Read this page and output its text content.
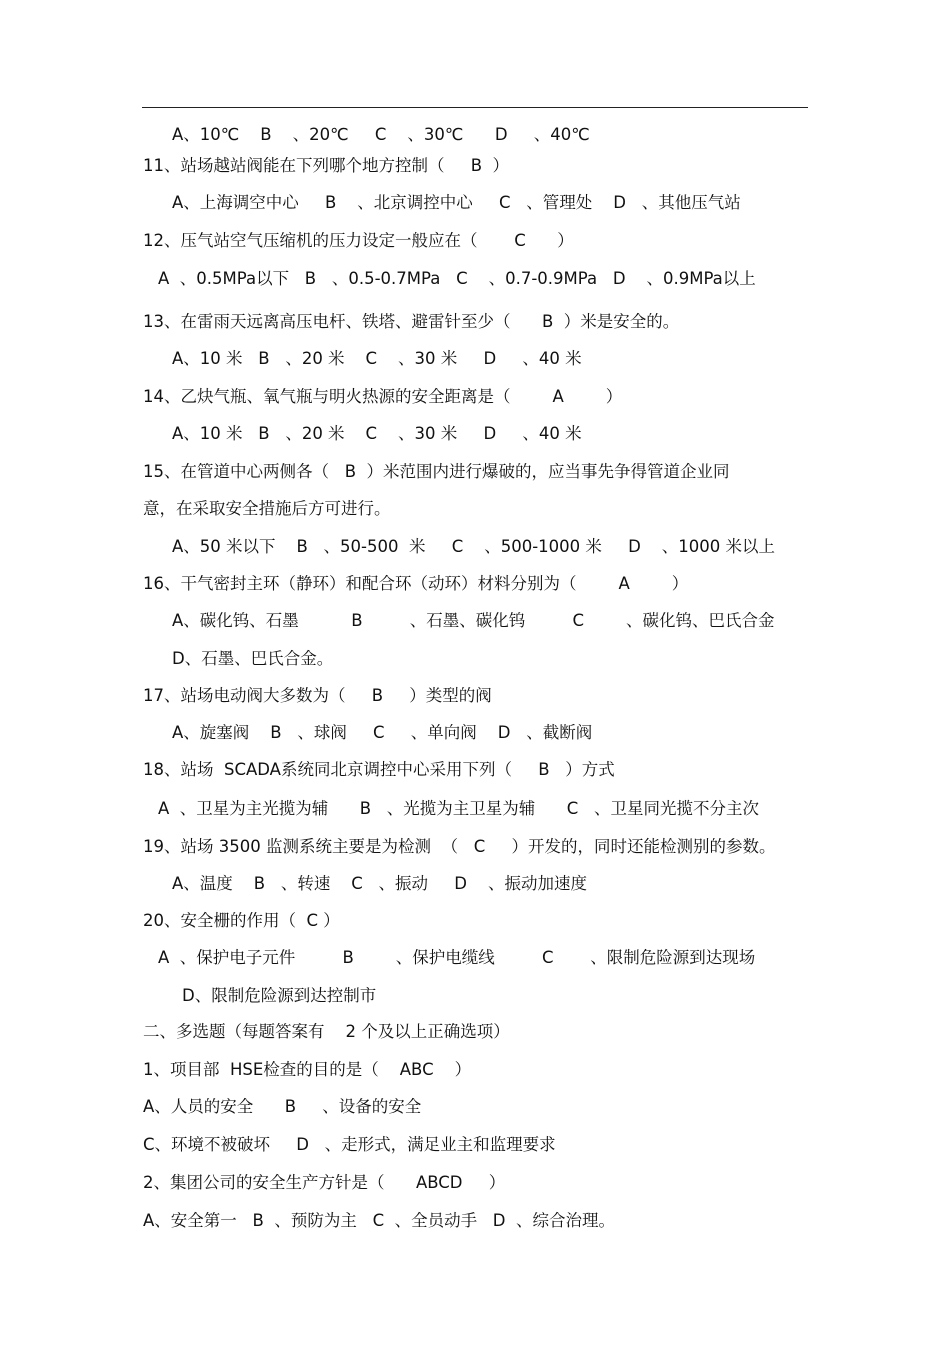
A、10℃    B    、20℃     C    、30℃      D     、40℃
11、站场越站阀能在下列哪个地方控制（     B  ）
A、上海调空中心     B    、北京调控中心     C   、管理处    D   、其他压气站
12、压气站空气压缩机的压力设定一般应在（       C      ）
A  、0.5MPa以下   B   、0.5-0.7MPa   C    、0.7-0.9MPa   D    、0.9MPa以上
13、在雷雨天远离高压电杆、铁塔、避雷针至少（      B  ）米是安全的。
A、10 米   B   、20 米    C    、30 米     D     、40 米
14、乙炔气瓶、氧气瓶与明火热源的安全距离是（        A        ）
A、10 米   B   、20 米    C    、30 米     D     、40 米
15、在管道中心两侧各（   B  ）米范围内进行爆破的，应当事先争得管道企业同
意，在采取安全措施后方可进行。
A、50 米以下    B   、50-500  米     C    、500-1000 米     D    、1000 米以上
16、干气密封主环（静环）和配合环（动环）材料分别为（        A        ）
A、碳化钨、石墨          B         、石墨、碳化钨         C        、碳化钨、巴氏合金
D、石墨、巴氏合金。
17、站场电动阀大多数为（     B     ）类型的阀
A、旋塞阀    B   、球阀     C     、单向阀    D   、截断阀
18、站场  SCADA系统同北京调控中心采用下列（     B   ）方式
A  、卫星为主光揽为辅      B   、光揽为主卫星为辅      C   、卫星同光揽不分主次
19、站场 3500 监测系统主要是为检测  （   C     ）开发的，同时还能检测别的参数。
A、温度    B   、转速    C   、振动     D    、振动加速度
20、安全栅的作用（  C ）
A  、保护电子元件         B        、保护电缆线         C       、限制危险源到达现场
D、限制危险源到达控制市
二、多选题（每题答案有    2 个及以上正确选项）
1、项目部  HSE检查的目的是（    ABC    ）
A、人员的安全      B     、设备的安全
C、环境不被破坏     D   、走形式，满足业主和监理要求
2、集团公司的安全生产方针是（      ABCD     ）
A、安全第一   B  、预防为主   C  、全员动手   D  、综合治理。
